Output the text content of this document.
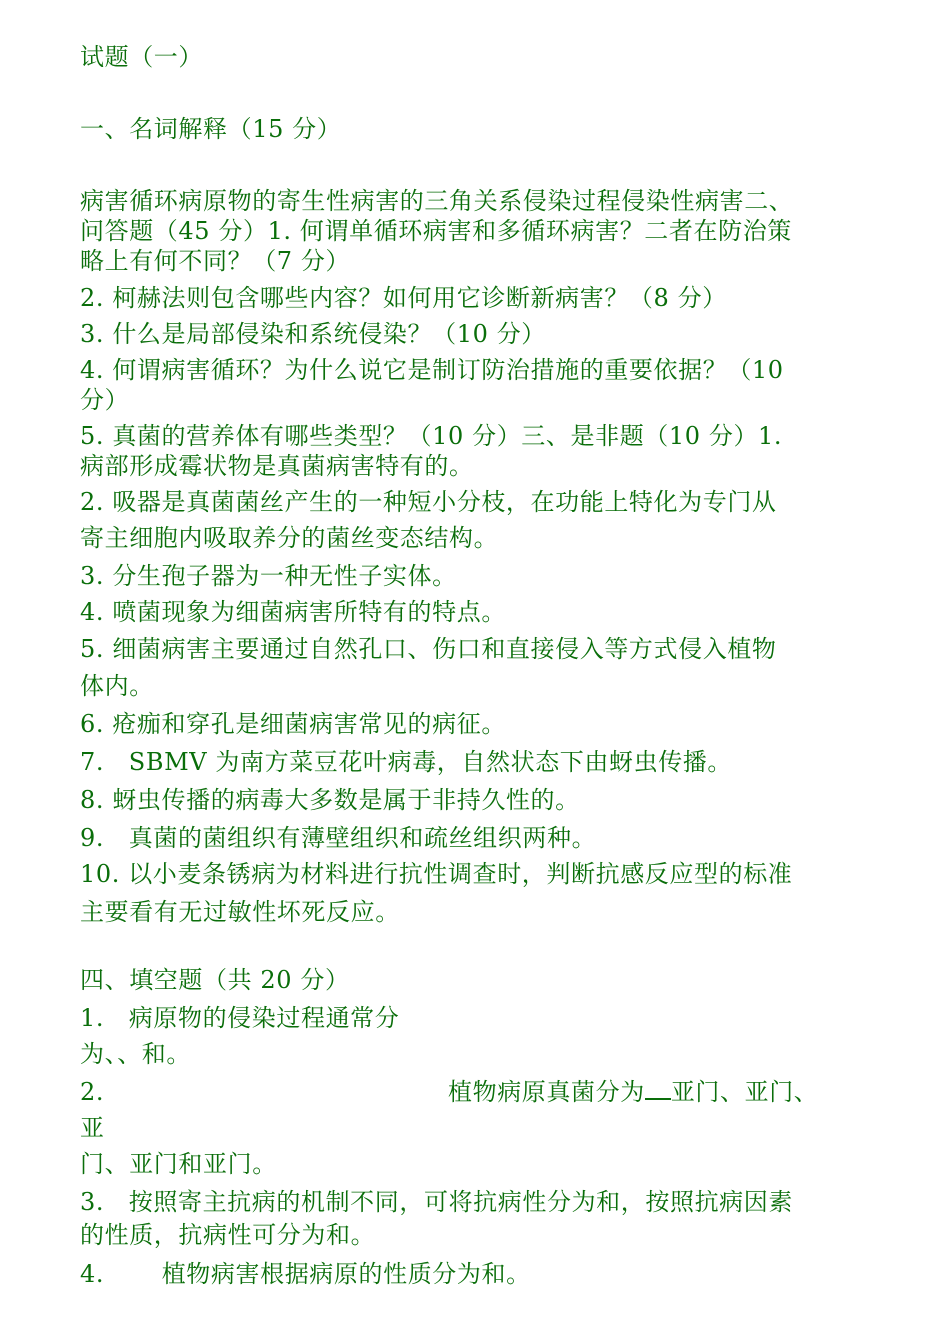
试题（一）
一、名词解释（15 分）
病害循环病原物的寄生性病害的三角关系侵染过程侵染性病害二、
问答题（45 分）1. 何谓单循环病害和多循环病害？二者在防治策
略上有何不同？（7 分）
2. 柯赫法则包含哪些内容？如何用它诊断新病害？（8 分）
3. 什么是局部侵染和系统侵染？（10 分）
4. 何谓病害循环？为什么说它是制订防治措施的重要依据？（10
分）
5. 真菌的营养体有哪些类型？（10 分）三、是非题（10 分）1.
病部形成霉状物是真菌病害特有的。
2. 吸器是真菌菌丝产生的一种短小分枝，在功能上特化为专门从
寄主细胞内吸取养分的菌丝变态结构。
3. 分生孢子器为一种无性子实体。
4. 喷菌现象为细菌病害所特有的特点。
5. 细菌病害主要通过自然孔口、伤口和直接侵入等方式侵入植物
体内。
6. 疮痂和穿孔是细菌病害常见的病征。
7.   SBMV 为南方菜豆花叶病毒，自然状态下由蚜虫传播。
8. 蚜虫传播的病毒大多数是属于非持久性的。
9.   真菌的菌组织有薄壁组织和疏丝组织两种。
10. 以小麦条锈病为材料进行抗性调查时，判断抗感反应型的标准
主要看有无过敏性坏死反应。
四、填空题（共 20 分）
1.   病原物的侵染过程通常分
为、、和。
2.	植物病原真菌分为 亚门、亚门、
亚
门、亚门和亚门。
3.   按照寄主抗病的机制不同，可将抗病性分为和，按照抗病因素
的性质，抗病性可分为和。
4.       植物病害根据病原的性质分为和。
